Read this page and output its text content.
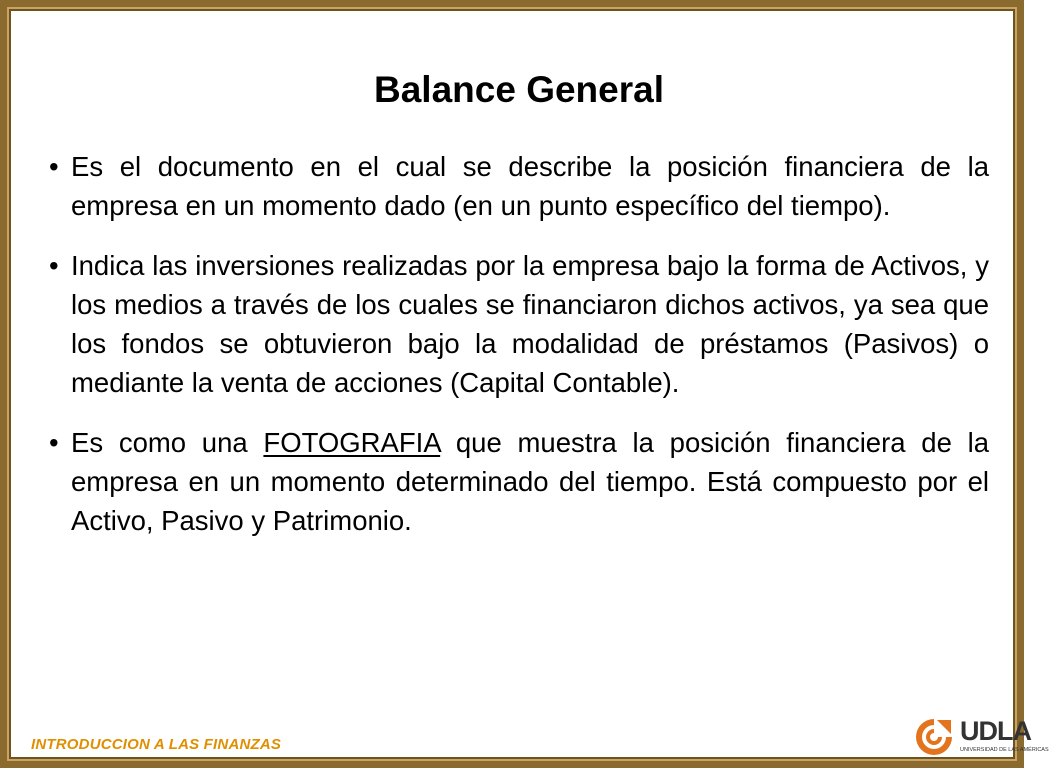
Balance General
• Es el documento en el cual se describe la posición financiera de la empresa en un momento dado (en un punto específico del tiempo).
• Indica las inversiones realizadas por la empresa bajo la forma de Activos, y los medios a través de los cuales se financiaron dichos activos, ya sea que los fondos se obtuvieron bajo la modalidad de préstamos (Pasivos) o mediante la venta de acciones (Capital Contable).
• Es como una FOTOGRAFIA que muestra la posición financiera de la empresa en un momento determinado del tiempo. Está compuesto por el Activo, Pasivo y Patrimonio.
INTRODUCCION A LAS FINANZAS	UDLA
UNIVERSIDAD DE LAS AMÉRICAS
